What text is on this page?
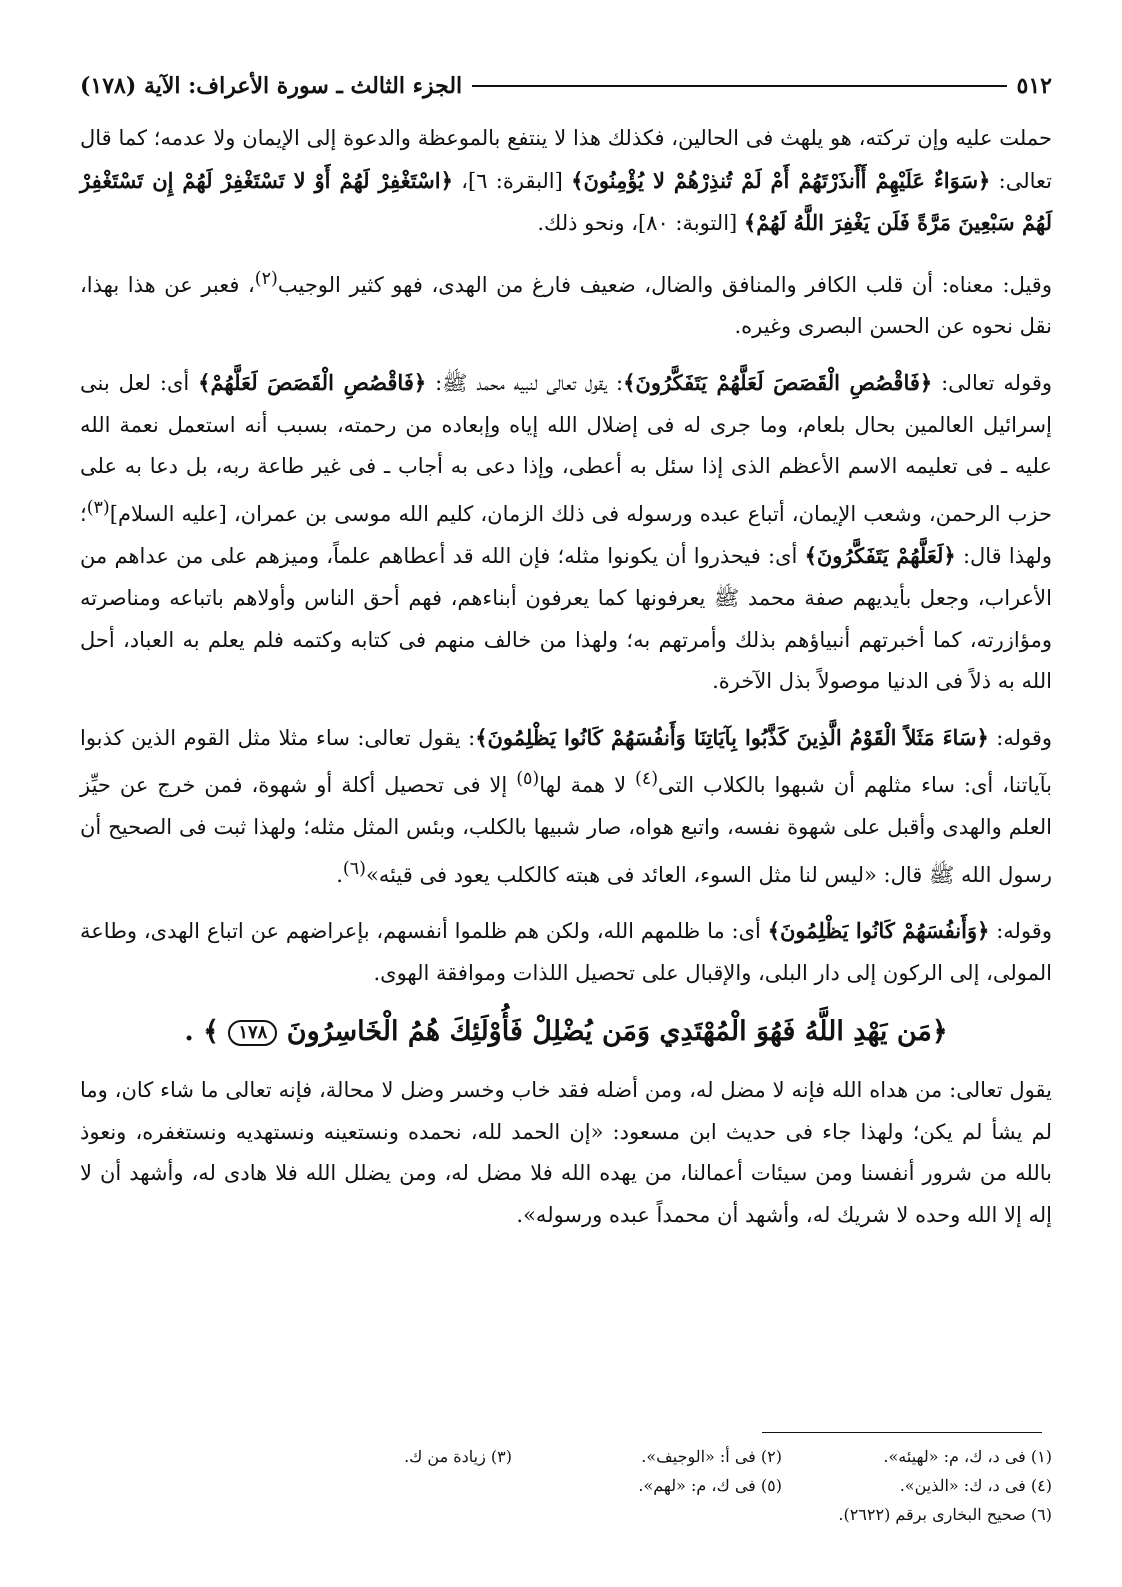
٥١٢
الجزء الثالث ـ سورة الأعراف: الآية (١٧٨)

حملت عليه وإن تركته، هو يلهث فى الحالين، فكذلك هذا لا ينتفع بالموعظة والدعوة إلى الإيمان ولا عدمه؛ كما قال تعالى: ﴿سَوَاءٌ عَلَيْهِمْ أَأَنذَرْتَهُمْ أَمْ لَمْ تُنذِرْهُمْ لا يُؤْمِنُونَ﴾ [البقرة: ٦]، ﴿اسْتَغْفِرْ لَهُمْ أَوْ لا تَسْتَغْفِرْ لَهُمْ إِن تَسْتَغْفِرْ لَهُمْ سَبْعِينَ مَرَّةً فَلَن يَغْفِرَ اللَّهُ لَهُمْ﴾ [التوبة: ٨٠]، ونحو ذلك.

وقيل: معناه: أن قلب الكافر والمنافق والضال، ضعيف فارغ من الهدى، فهو كثير الوجيب$^{(٢)}$، فعبر عن هذا بهذا، نقل نحوه عن الحسن البصرى وغيره.

وقوله تعالى: ﴿فَاقْصُصِ الْقَصَصَ لَعَلَّهُمْ يَتَفَكَّرُونَ﴾: يقول تعالى لنبيه محمد ﷺ: ﴿فَاقْصُصِ الْقَصَصَ لَعَلَّهُمْ﴾ أى: لعل بنى إسرائيل العالمين بحال بلعام، وما جرى له فى إضلال الله إياه وإبعاده من رحمته، بسبب أنه استعمل نعمة الله عليه ـ فى تعليمه الاسم الأعظم الذى إذا سئل به أعطى، وإذا دعى به أجاب ـ فى غير طاعة ربه، بل دعا به على حزب الرحمن، وشعب الإيمان، أتباع عبده ورسوله فى ذلك الزمان، كليم الله موسى بن عمران، [عليه السلام]$^{(٣)}$؛ ولهذا قال: ﴿لَعَلَّهُمْ يَتَفَكَّرُونَ﴾ أى: فيحذروا أن يكونوا مثله؛ فإن الله قد أعطاهم علماً، وميزهم على من عداهم من الأعراب، وجعل بأيديهم صفة محمد ﷺ يعرفونها كما يعرفون أبناءهم، فهم أحق الناس وأولاهم باتباعه ومناصرته ومؤازرته، كما أخبرتهم أنبياؤهم بذلك وأمرتهم به؛ ولهذا من خالف منهم فى كتابه وكتمه فلم يعلم به العباد، أحل الله به ذلاً فى الدنيا موصولاً بذل الآخرة.

وقوله: ﴿سَاءَ مَثَلاً الْقَوْمُ الَّذِينَ كَذَّبُوا بِآيَاتِنَا وَأَنفُسَهُمْ كَانُوا يَظْلِمُونَ﴾: يقول تعالى: ساء مثلا مثل القوم الذين كذبوا بآياتنا، أى: ساء مثلهم أن شبهوا بالكلاب التى$^{(٤)}$ لا همة لها$^{(٥)}$ إلا فى تحصيل أكلة أو شهوة، فمن خرج عن حيِّز العلم والهدى وأقبل على شهوة نفسه، واتبع هواه، صار شبيها بالكلب، وبئس المثل مثله؛ ولهذا ثبت فى الصحيح أن رسول الله ﷺ قال: «ليس لنا مثل السوء، العائد فى هبته كالكلب يعود فى قيئه»$^{(٦)}$.

وقوله: ﴿وَأَنفُسَهُمْ كَانُوا يَظْلِمُونَ﴾ أى: ما ظلمهم الله، ولكن هم ظلموا أنفسهم، بإعراضهم عن اتباع الهدى، وطاعة المولى، إلى الركون إلى دار البلى، والإقبال على تحصيل اللذات وموافقة الهوى.

﴿مَن يَهْدِ اللَّهُ فَهُوَ الْمُهْتَدِي وَمَن يُضْلِلْ فَأُوْلَئِكَ هُمُ الْخَاسِرُونَ ١٧٨ ﴾ .

يقول تعالى: من هداه الله فإنه لا مضل له، ومن أضله فقد خاب وخسر وضل لا محالة، فإنه تعالى ما شاء كان، وما لم يشأ لم يكن؛ ولهذا جاء فى حديث ابن مسعود: «إن الحمد لله، نحمده ونستعينه ونستهديه ونستغفره، ونعوذ بالله من شرور أنفسنا ومن سيئات أعمالنا، من يهده الله فلا مضل له، ومن يضلل الله فلا هادى له، وأشهد أن لا إله إلا الله وحده لا شريك له، وأشهد أن محمداً عبده ورسوله».

(١) فى د، ك، م: «لهيئه».
(٢) فى أ: «الوجيف».
(٣) زيادة من ك.
(٤) فى د، ك: «الذين».
(٥) فى ك، م: «لهم».
(٦) صحيح البخارى برقم (٢٦٢٢).
